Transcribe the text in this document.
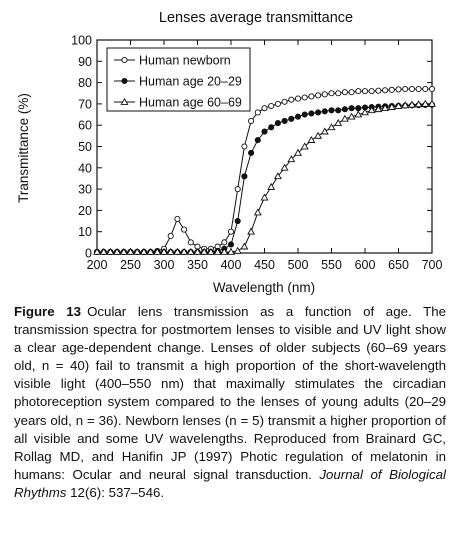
Lenses average transmittance
Transmittance (%)
Wavelength (nm)
200 250 300 350 400 450 500 550 600 650 700
0
10
20
30
40
50
60
70
80
90
100
Human newborn
Human age 20–29
Human age 60–69
Figure 13 Ocular lens transmission as a function of age. The transmission spectra for postmortem lenses to visible and UV light show a clear age-dependent change. Lenses of older subjects (60–69 years old, n = 40) fail to transmit a high proportion of the short-wavelength visible light (400–550 nm) that maximally stimulates the circadian photoreception system compared to the lenses of young adults (20–29 years old, n = 36). Newborn lenses (n = 5) transmit a higher proportion of all visible and some UV wavelengths. Reproduced from Brainard GC, Rollag MD, and Hanifin JP (1997) Photic regulation of melatonin in humans: Ocular and neural signal transduction. Journal of Biological Rhythms 12(6): 537–546.
